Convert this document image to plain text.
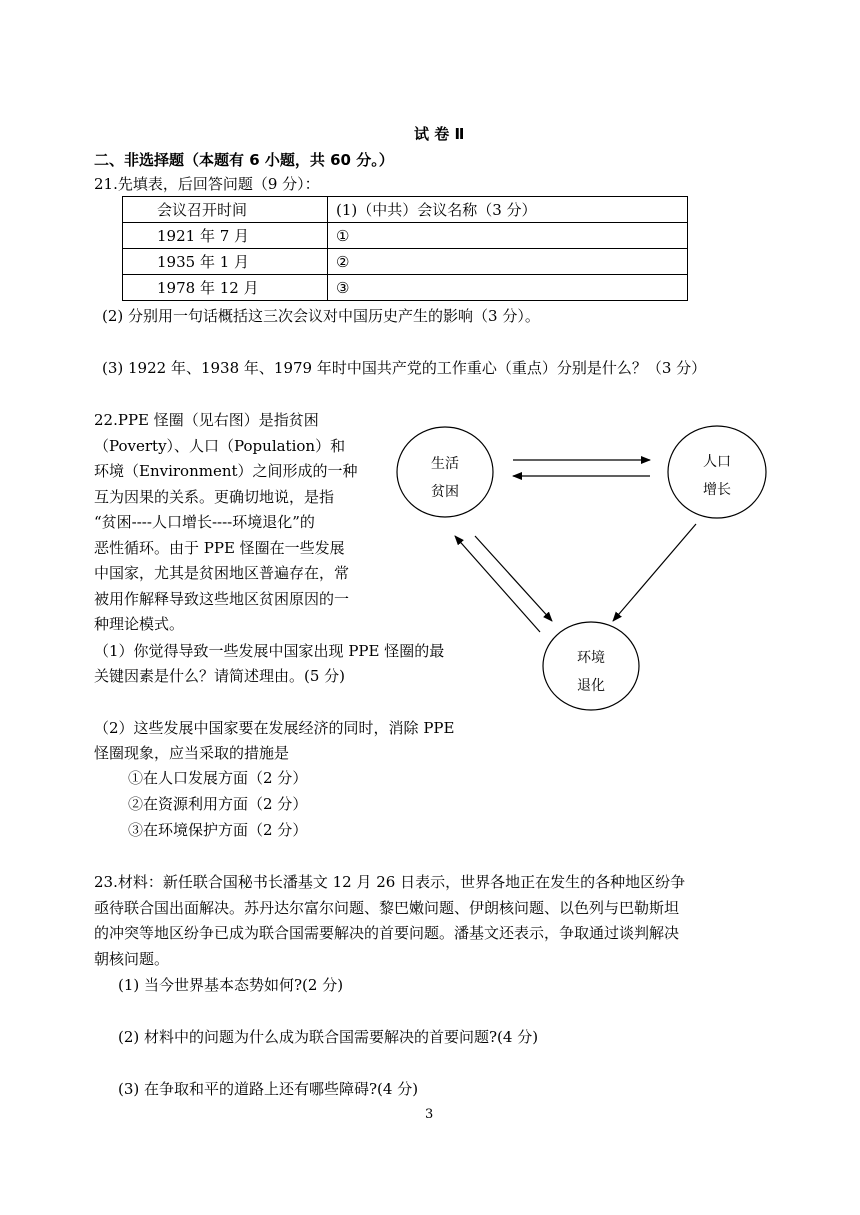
试 卷 Ⅱ
二、非选择题（本题有 6 小题，共 60 分。）
21.先填表，后回答问题（9 分）：
会议召开时间	(1)（中共）会议名称（3 分）
1921 年 7 月	①
1935 年 1 月	②
1978 年 12 月	③
(2) 分别用一句话概括这三次会议对中国历史产生的影响（3 分）。
(3) 1922 年、1938 年、1979 年时中国共产党的工作重心（重点）分别是什么？（3 分）
22.PPE 怪圈（见右图）是指贫困
（Poverty）、人口（Population）和
环境（Environment）之间形成的一种
互为因果的关系。更确切地说，是指
“贫困----人口增长----环境退化”的
恶性循环。由于 PPE 怪圈在一些发展
中国家，尤其是贫困地区普遍存在，常
被用作解释导致这些地区贫困原因的一
种理论模式。
（1）你觉得导致一些发展中国家出现 PPE 怪圈的最
关键因素是什么？请简述理由。(5 分)
（2）这些发展中国家要在发展经济的同时，消除 PPE
怪圈现象，应当采取的措施是
①在人口发展方面（2 分）
②在资源利用方面（2 分）
③在环境保护方面（2 分）
生活
贫困
人口
增长
环境
退化
23.材料：新任联合国秘书长潘基文 12 月 26 日表示，世界各地正在发生的各种地区纷争
亟待联合国出面解决。苏丹达尔富尔问题、黎巴嫩问题、伊朗核问题、以色列与巴勒斯坦
的冲突等地区纷争已成为联合国需要解决的首要问题。潘基文还表示，争取通过谈判解决
朝核问题。
(1) 当今世界基本态势如何?(2 分)
(2) 材料中的问题为什么成为联合国需要解决的首要问题?(4 分)
(3) 在争取和平的道路上还有哪些障碍?(4 分)
3
